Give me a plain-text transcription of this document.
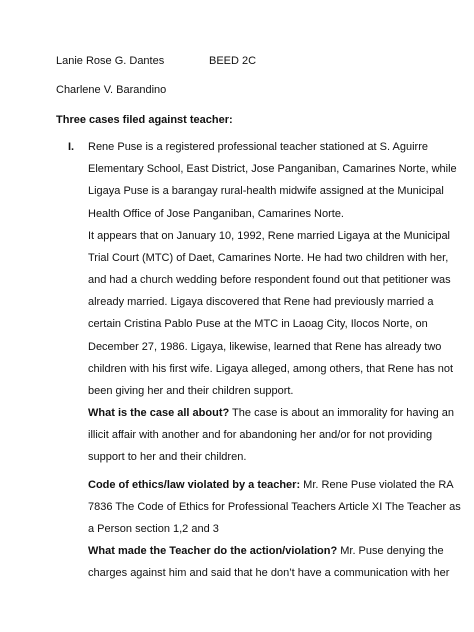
Lanie Rose G. Dantes	BEED 2C
Charlene V. Barandino
Three cases filed against teacher:
I. Rene Puse is a registered professional teacher stationed at S. Aguirre
Elementary School, East District, Jose Panganiban, Camarines Norte, while
Ligaya Puse is a barangay rural-health midwife assigned at the Municipal
Health Office of Jose Panganiban, Camarines Norte.
It appears that on January 10, 1992, Rene married Ligaya at the Municipal
Trial Court (MTC) of Daet, Camarines Norte. He had two children with her,
and had a church wedding before respondent found out that petitioner was
already married. Ligaya discovered that Rene had previously married a
certain Cristina Pablo Puse at the MTC in Laoag City, Ilocos Norte, on
December 27, 1986. Ligaya, likewise, learned that Rene has already two
children with his first wife. Ligaya alleged, among others, that Rene has not
been giving her and their children support.
What is the case all about? The case is about an immorality for having an
illicit affair with another and for abandoning her and/or for not providing
support to her and their children.
Code of ethics/law violated by a teacher: Mr. Rene Puse violated the RA
7836 The Code of Ethics for Professional Teachers Article XI The Teacher as
a Person section 1,2 and 3
What made the Teacher do the action/violation? Mr. Puse denying the
charges against him and said that he don’t have a communication with her
